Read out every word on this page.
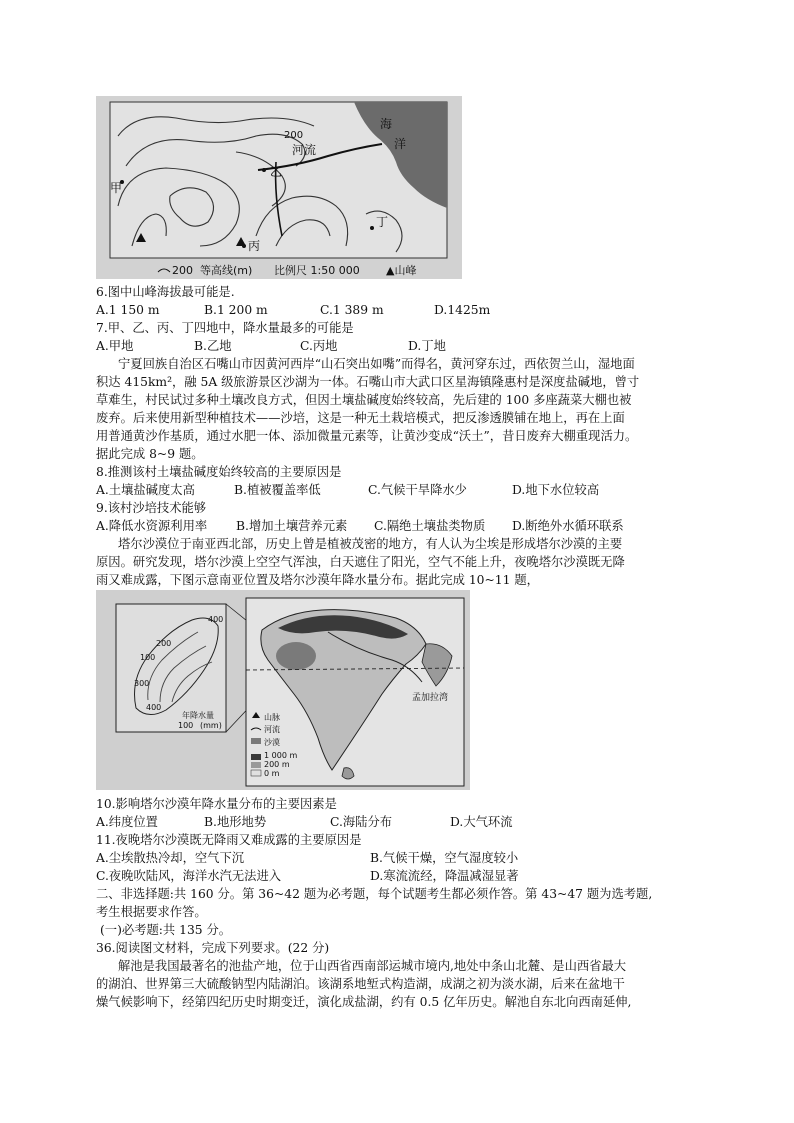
海
洋
河流
200
甲
乙
丙
丁
200 等高线(m) 比例尺 1:50 000 ▲山峰
6.图中山峰海拔最可能是.
A.1 150 m	B.1 200 m	C.1 389 m	D.1425m
7.甲、乙、丙、丁四地中，降水量最多的可能是
A.甲地	B.乙地	C.丙地	D.丁地
宁夏回族自治区石嘴山市因黄河西岸“山石突出如嘴”而得名，黄河穿东过，西依贺兰山，湿地面
积达 415km²，融 5A 级旅游景区沙湖为一体。石嘴山市大武口区星海镇隆惠村是深度盐碱地，曾寸
草难生，村民试过多种土壤改良方式，但因土壤盐碱度始终较高，先后建的 100 多座蔬菜大棚也被
废弃。后来使用新型种植技术——沙培，这是一种无土栽培模式，把反渗透膜铺在地上，再在上面
用普通黄沙作基质，通过水肥一体、添加微量元素等，让黄沙变成“沃土”，昔日废弃大棚重现活力。
据此完成 8~9 题。
8.推测该村土壤盐碱度始终较高的主要原因是
A.土壤盐碱度太高	B.植被覆盖率低	C.气候干旱降水少	D.地下水位较高
9.该村沙培技术能够
A.降低水资源利用率 B.增加土壤营养元素 C.隔绝土壤盐类物质 D.断绝外水循环联系
塔尔沙漠位于南亚西北部，历史上曾是植被茂密的地方，有人认为尘埃是形成塔尔沙漠的主要
原因。研究发现，塔尔沙漠上空空气浑浊，白天遮住了阳光，空气不能上升，夜晚塔尔沙漠既无降
雨又难成露，下图示意南亚位置及塔尔沙漠年降水量分布。据此完成 10~11 题，
400
200
100
300
400
年降水量
100 (mm)
孟加拉湾
山脉
河流
沙漠
1 000 m
200 m
0 m
10.影响塔尔沙漠年降水量分布的主要因素是
A.纬度位置	B.地形地势	C.海陆分布	D.大气环流
11.夜晚塔尔沙漠既无降雨又难成露的主要原因是
A.尘埃散热冷却，空气下沉	B.气候干燥，空气湿度较小
C.夜晚吹陆风，海洋水汽无法进入	D.寒流流经，降温减湿显著
二、非选择题:共 160 分。第 36~42 题为必考题，每个试题考生都必须作答。第 43~47 题为选考题,
考生根据要求作答。
(一)必考题:共 135 分。
36.阅读图文材料，完成下列要求。(22 分)
解池是我国最著名的池盐产地，位于山西省西南部运城市境内,地处中条山北麓、是山西省最大
的湖泊、世界第三大硫酸钠型内陆湖泊。该湖系地堑式构造湖，成湖之初为淡水湖，后来在盆地干
燥气候影响下，经第四纪历史时期变迁，演化成盐湖，约有 0.5 亿年历史。解池自东北向西南延伸,
